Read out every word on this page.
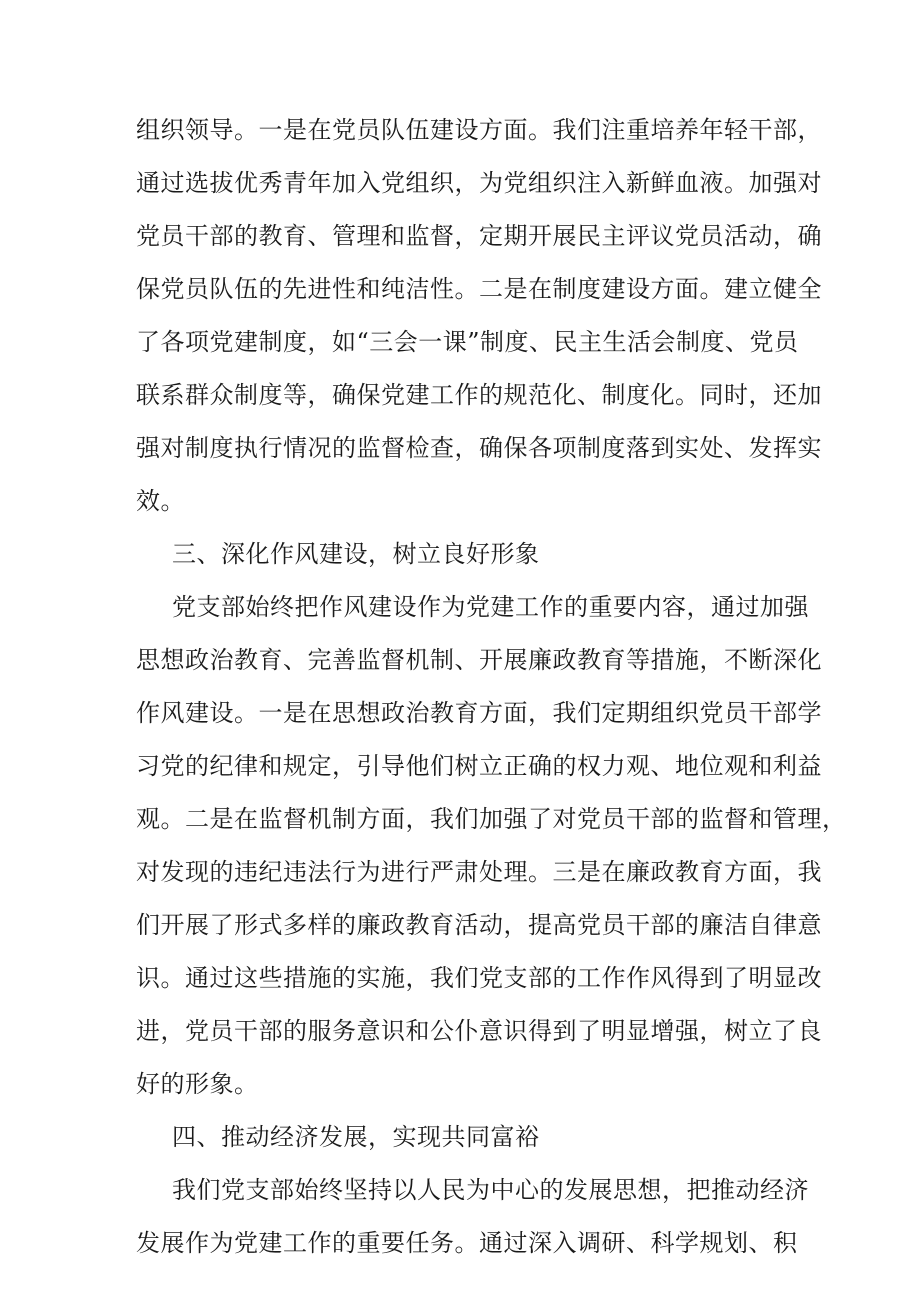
组织领导。一是在党员队伍建设方面。我们注重培养年轻干部，
通过选拔优秀青年加入党组织，为党组织注入新鲜血液。加强对
党员干部的教育、管理和监督，定期开展民主评议党员活动，确
保党员队伍的先进性和纯洁性。二是在制度建设方面。建立健全
了各项党建制度，如“三会一课”制度、民主生活会制度、党员
联系群众制度等，确保党建工作的规范化、制度化。同时，还加
强对制度执行情况的监督检查，确保各项制度落到实处、发挥实
效。
三、深化作风建设，树立良好形象
党支部始终把作风建设作为党建工作的重要内容，通过加强
思想政治教育、完善监督机制、开展廉政教育等措施，不断深化
作风建设。一是在思想政治教育方面，我们定期组织党员干部学
习党的纪律和规定，引导他们树立正确的权力观、地位观和利益
观。二是在监督机制方面，我们加强了对党员干部的监督和管理，
对发现的违纪违法行为进行严肃处理。三是在廉政教育方面，我
们开展了形式多样的廉政教育活动，提高党员干部的廉洁自律意
识。通过这些措施的实施，我们党支部的工作作风得到了明显改
进，党员干部的服务意识和公仆意识得到了明显增强，树立了良
好的形象。
四、推动经济发展，实现共同富裕
我们党支部始终坚持以人民为中心的发展思想，把推动经济
发展作为党建工作的重要任务。通过深入调研、科学规划、积
